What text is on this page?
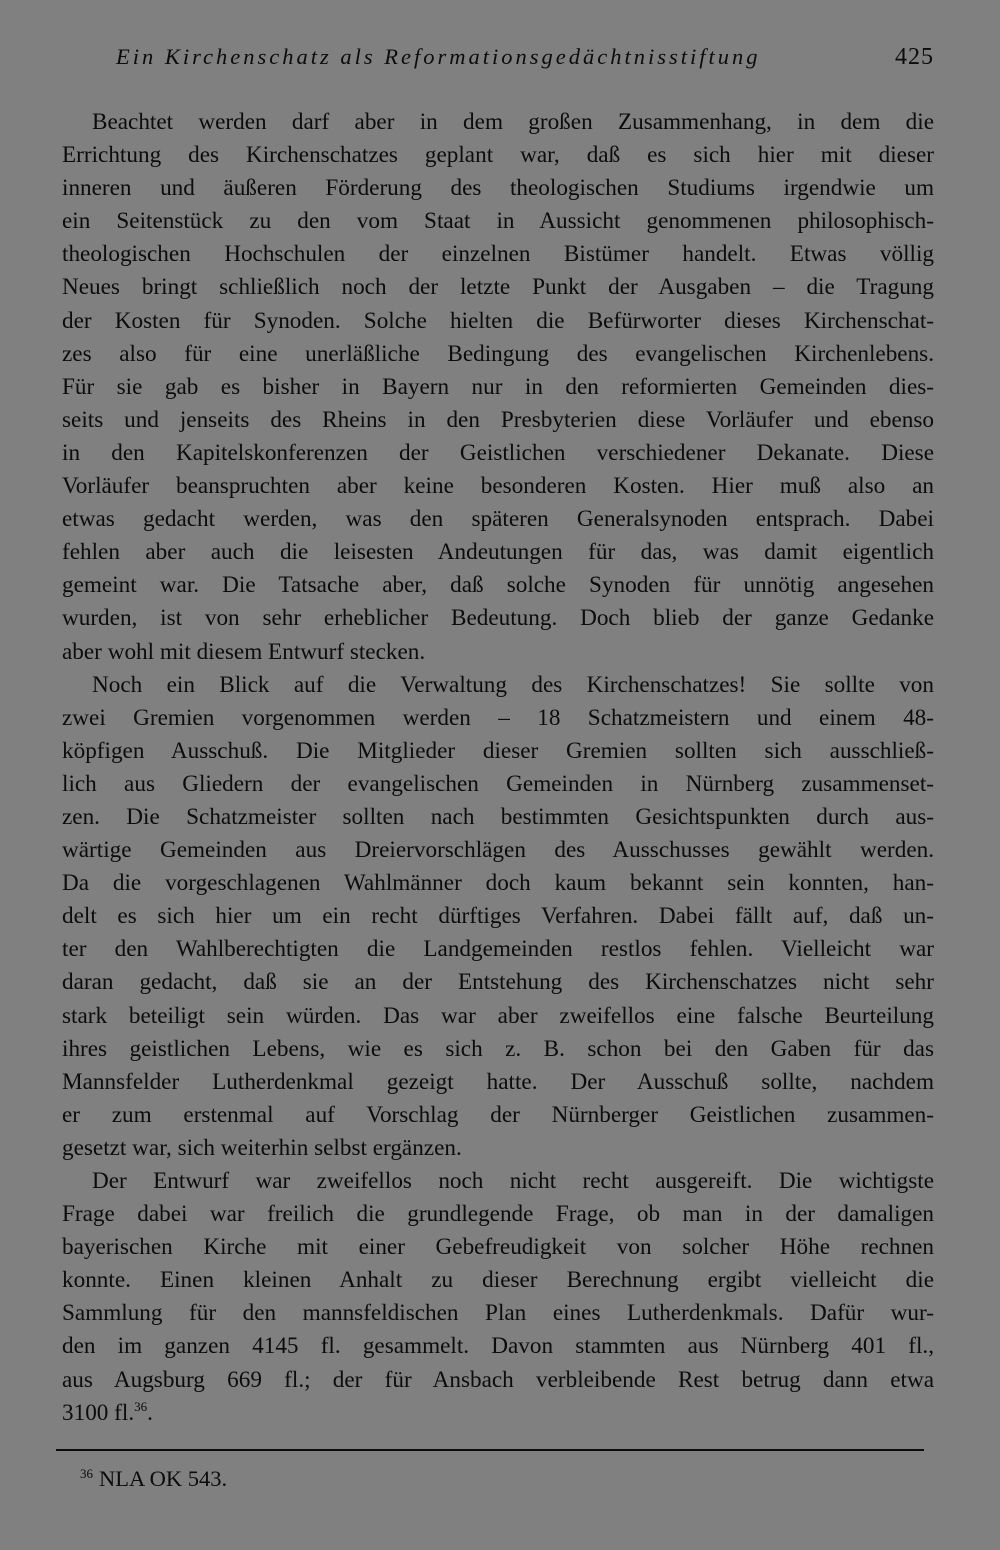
Ein Kirchenschatz als Reformationsgedächtnisstiftung	425
Beachtet werden darf aber in dem großen Zusammenhang, in dem die
Errichtung des Kirchenschatzes geplant war, daß es sich hier mit dieser
inneren und äußeren Förderung des theologischen Studiums irgendwie um
ein Seitenstück zu den vom Staat in Aussicht genommenen philosophisch-
theologischen Hochschulen der einzelnen Bistümer handelt. Etwas völlig
Neues bringt schließlich noch der letzte Punkt der Ausgaben – die Tragung
der Kosten für Synoden. Solche hielten die Befürworter dieses Kirchenschat-
zes also für eine unerläßliche Bedingung des evangelischen Kirchenlebens.
Für sie gab es bisher in Bayern nur in den reformierten Gemeinden dies-
seits und jenseits des Rheins in den Presbyterien diese Vorläufer und ebenso
in den Kapitelskonferenzen der Geistlichen verschiedener Dekanate. Diese
Vorläufer beanspruchten aber keine besonderen Kosten. Hier muß also an
etwas gedacht werden, was den späteren Generalsynoden entsprach. Dabei
fehlen aber auch die leisesten Andeutungen für das, was damit eigentlich
gemeint war. Die Tatsache aber, daß solche Synoden für unnötig angesehen
wurden, ist von sehr erheblicher Bedeutung. Doch blieb der ganze Gedanke
aber wohl mit diesem Entwurf stecken.
Noch ein Blick auf die Verwaltung des Kirchenschatzes! Sie sollte von
zwei Gremien vorgenommen werden – 18 Schatzmeistern und einem 48-
köpfigen Ausschuß. Die Mitglieder dieser Gremien sollten sich ausschließ-
lich aus Gliedern der evangelischen Gemeinden in Nürnberg zusammenset-
zen. Die Schatzmeister sollten nach bestimmten Gesichtspunkten durch aus-
wärtige Gemeinden aus Dreiervorschlägen des Ausschusses gewählt werden.
Da die vorgeschlagenen Wahlmänner doch kaum bekannt sein konnten, han-
delt es sich hier um ein recht dürftiges Verfahren. Dabei fällt auf, daß un-
ter den Wahlberechtigten die Landgemeinden restlos fehlen. Vielleicht war
daran gedacht, daß sie an der Entstehung des Kirchenschatzes nicht sehr
stark beteiligt sein würden. Das war aber zweifellos eine falsche Beurteilung
ihres geistlichen Lebens, wie es sich z. B. schon bei den Gaben für das
Mannsfelder Lutherdenkmal gezeigt hatte. Der Ausschuß sollte, nachdem
er zum erstenmal auf Vorschlag der Nürnberger Geistlichen zusammen-
gesetzt war, sich weiterhin selbst ergänzen.
Der Entwurf war zweifellos noch nicht recht ausgereift. Die wichtigste
Frage dabei war freilich die grundlegende Frage, ob man in der damaligen
bayerischen Kirche mit einer Gebefreudigkeit von solcher Höhe rechnen
konnte. Einen kleinen Anhalt zu dieser Berechnung ergibt vielleicht die
Sammlung für den mannsfeldischen Plan eines Lutherdenkmals. Dafür wur-
den im ganzen 4145 fl. gesammelt. Davon stammten aus Nürnberg 401 fl.,
aus Augsburg 669 fl.; der für Ansbach verbleibende Rest betrug dann etwa
3100 fl.$^{36}$.
$^{36}$ NLA OK 543.
